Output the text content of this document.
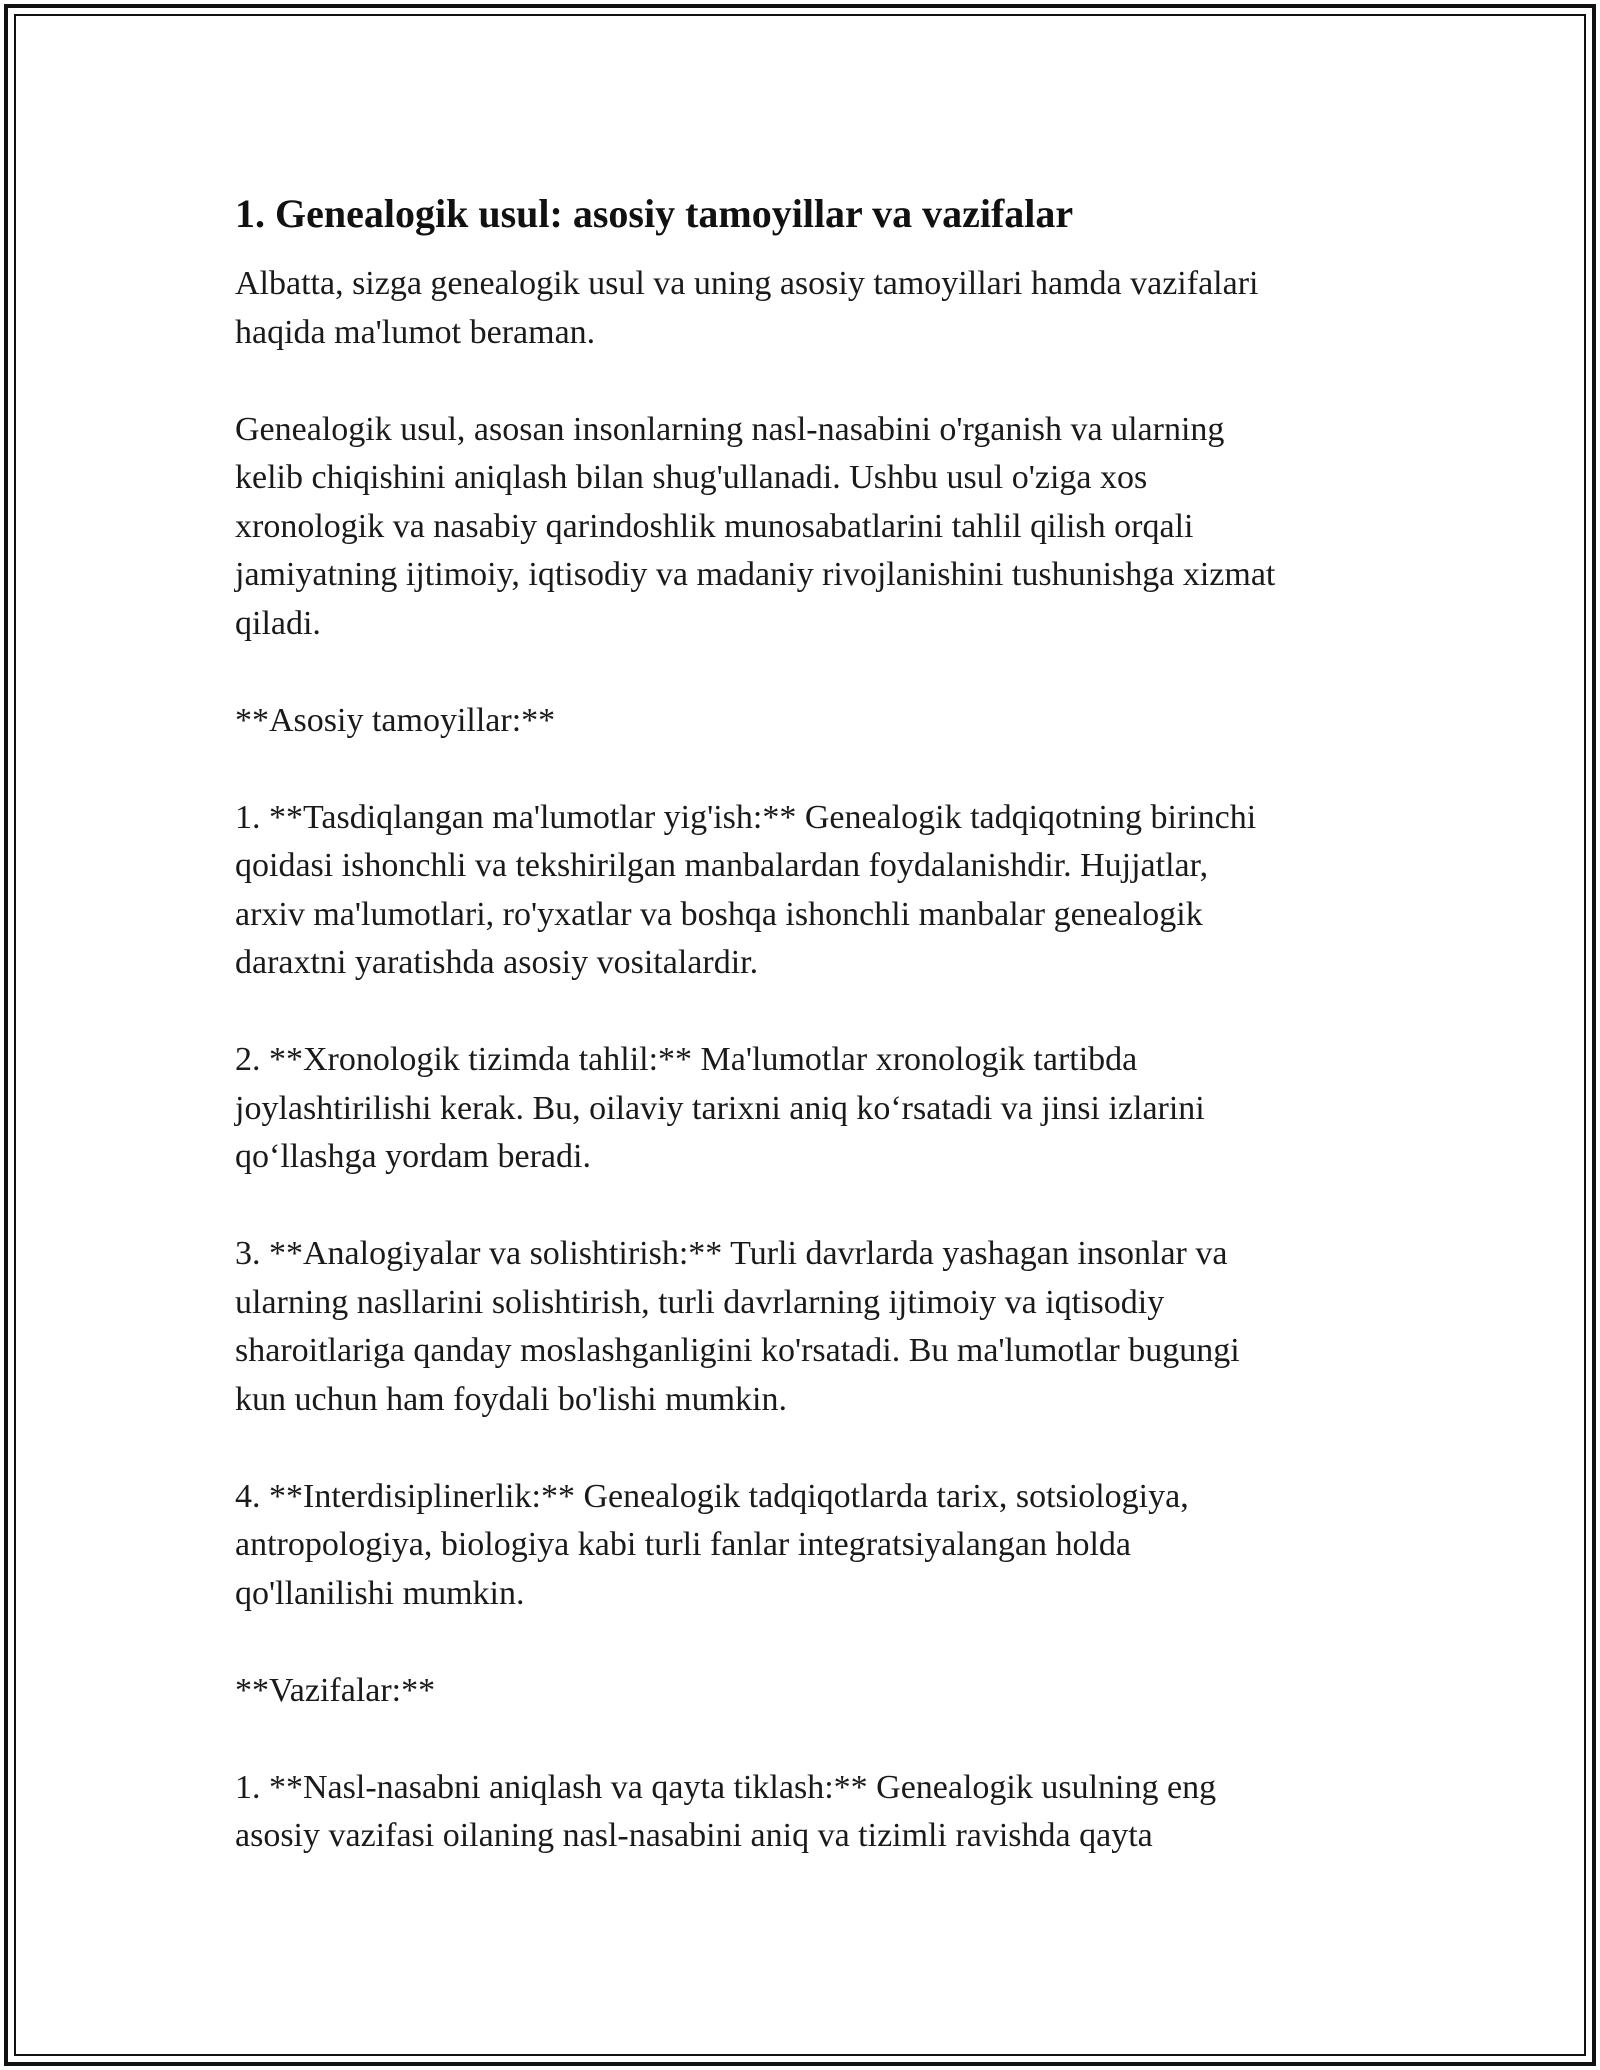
1. Genealogik usul: asosiy tamoyillar va vazifalar

Albatta, sizga genealogik usul va uning asosiy tamoyillari hamda vazifalari
haqida ma'lumot beraman.

Genealogik usul, asosan insonlarning nasl-nasabini o'rganish va ularning
kelib chiqishini aniqlash bilan shug'ullanadi. Ushbu usul o'ziga xos
xronologik va nasabiy qarindoshlik munosabatlarini tahlil qilish orqali
jamiyatning ijtimoiy, iqtisodiy va madaniy rivojlanishini tushunishga xizmat
qiladi.

**Asosiy tamoyillar:**

1. **Tasdiqlangan ma'lumotlar yig'ish:** Genealogik tadqiqotning birinchi
qoidasi ishonchli va tekshirilgan manbalardan foydalanishdir. Hujjatlar,
arxiv ma'lumotlari, ro'yxatlar va boshqa ishonchli manbalar genealogik
daraxtni yaratishda asosiy vositalardir.

2. **Xronologik tizimda tahlil:** Ma'lumotlar xronologik tartibda
joylashtirilishi kerak. Bu, oilaviy tarixni aniq ko‘rsatadi va jinsi izlarini
qo‘llashga yordam beradi.

3. **Analogiyalar va solishtirish:** Turli davrlarda yashagan insonlar va
ularning nasllarini solishtirish, turli davrlarning ijtimoiy va iqtisodiy
sharoitlariga qanday moslashganligini ko'rsatadi. Bu ma'lumotlar bugungi
kun uchun ham foydali bo'lishi mumkin.

4. **Interdisiplinerlik:** Genealogik tadqiqotlarda tarix, sotsiologiya,
antropologiya, biologiya kabi turli fanlar integratsiyalangan holda
qo'llanilishi mumkin.

**Vazifalar:**

1. **Nasl-nasabni aniqlash va qayta tiklash:** Genealogik usulning eng
asosiy vazifasi oilaning nasl-nasabini aniq va tizimli ravishda qayta
